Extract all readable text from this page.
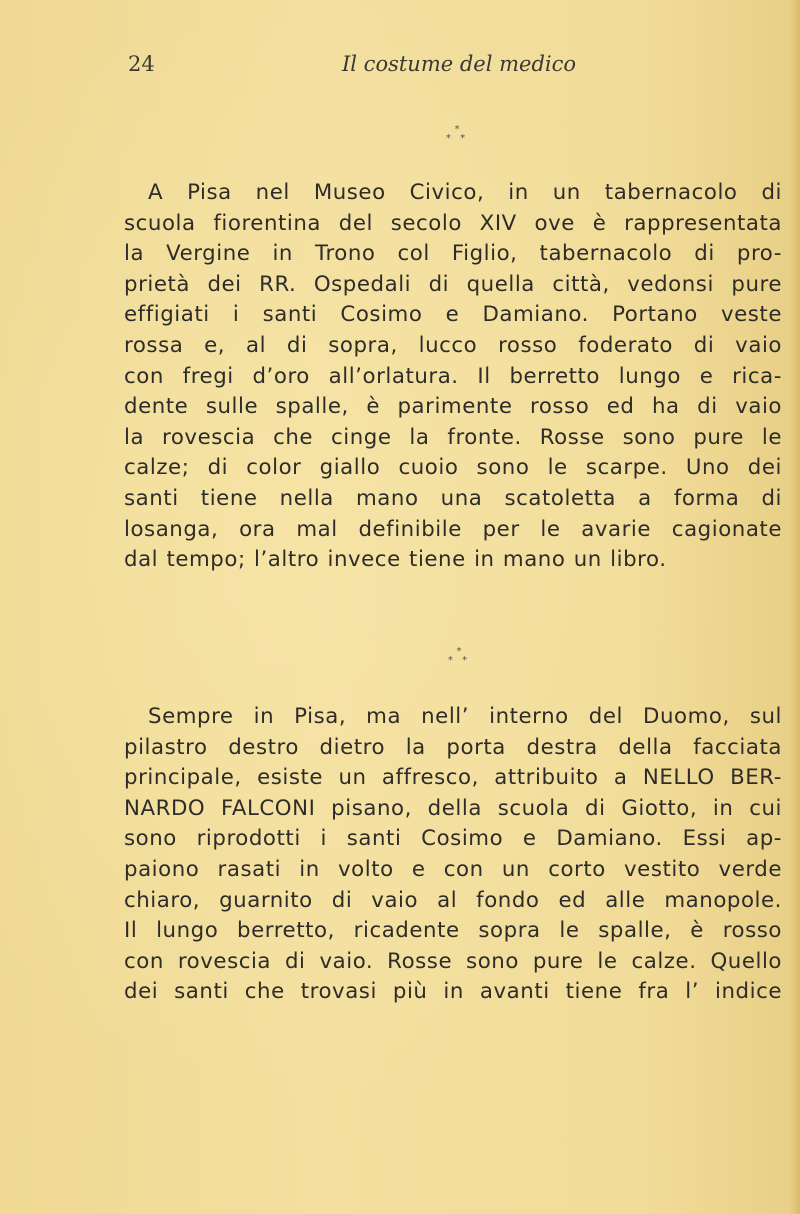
24	Il costume del medico
*
* *
A Pisa nel Museo Civico, in un tabernacolo di
scuola fiorentina del secolo XIV ove è rappresentata
la Vergine in Trono col Figlio, tabernacolo di pro-
prietà dei RR. Ospedali di quella città, vedonsi pure
effigiati i santi Cosimo e Damiano. Portano veste
rossa e, al di sopra, lucco rosso foderato di vaio
con fregi d’oro all’orlatura. Il berretto lungo e rica-
dente sulle spalle, è parimente rosso ed ha di vaio
la rovescia che cinge la fronte. Rosse sono pure le
calze; di color giallo cuoio sono le scarpe. Uno dei
santi tiene nella mano una scatoletta a forma di
losanga, ora mal definibile per le avarie cagionate
dal tempo; l’altro invece tiene in mano un libro.
*
* *
Sempre in Pisa, ma nell’ interno del Duomo, sul
pilastro destro dietro la porta destra della facciata
principale, esiste un affresco, attribuito a NELLO BER-
NARDO FALCONI pisano, della scuola di Giotto, in cui
sono riprodotti i santi Cosimo e Damiano. Essi ap-
paiono rasati in volto e con un corto vestito verde
chiaro, guarnito di vaio al fondo ed alle manopole.
Il lungo berretto, ricadente sopra le spalle, è rosso
con rovescia di vaio. Rosse sono pure le calze. Quello
dei santi che trovasi più in avanti tiene fra l’ indice
